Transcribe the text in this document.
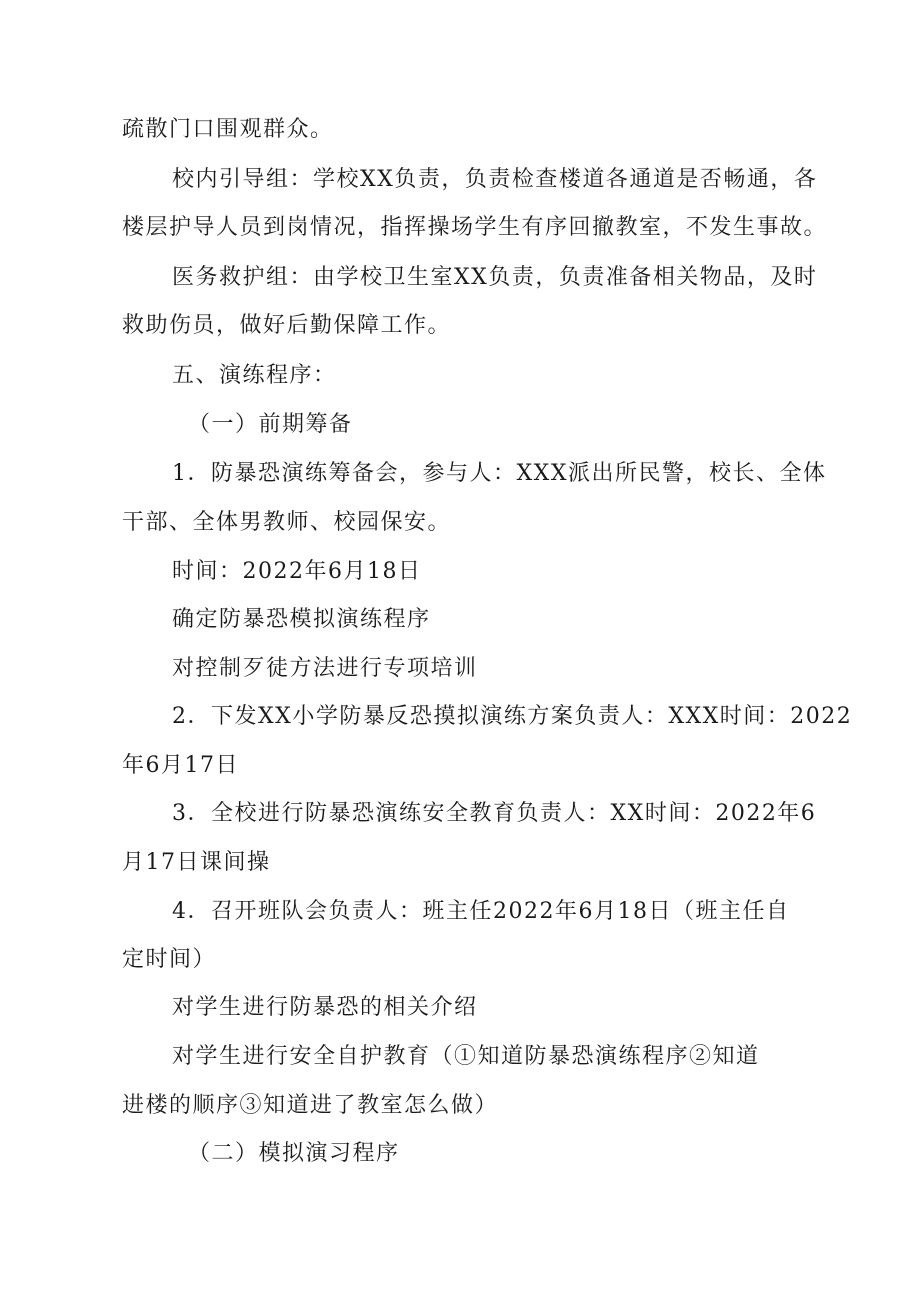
疏散门口围观群众。
校内引导组：学校XX负责，负责检查楼道各通道是否畅通，各
楼层护导人员到岗情况，指挥操场学生有序回撤教室，不发生事故。
医务救护组：由学校卫生室XX负责，负责准备相关物品，及时
救助伤员，做好后勤保障工作。
五、演练程序：
（一）前期筹备
1．防暴恐演练筹备会，参与人：XXX派出所民警，校长、全体
干部、全体男教师、校园保安。
时间：2022年6月18日
确定防暴恐模拟演练程序
对控制歹徒方法进行专项培训
2．下发XX小学防暴反恐摸拟演练方案负责人：XXX时间：2022
年6月17日
3．全校进行防暴恐演练安全教育负责人：XX时间：2022年6
月17日课间操
4．召开班队会负责人：班主任2022年6月18日（班主任自
定时间）
对学生进行防暴恐的相关介绍
对学生进行安全自护教育（①知道防暴恐演练程序②知道
进楼的顺序③知道进了教室怎么做）
（二）模拟演习程序
